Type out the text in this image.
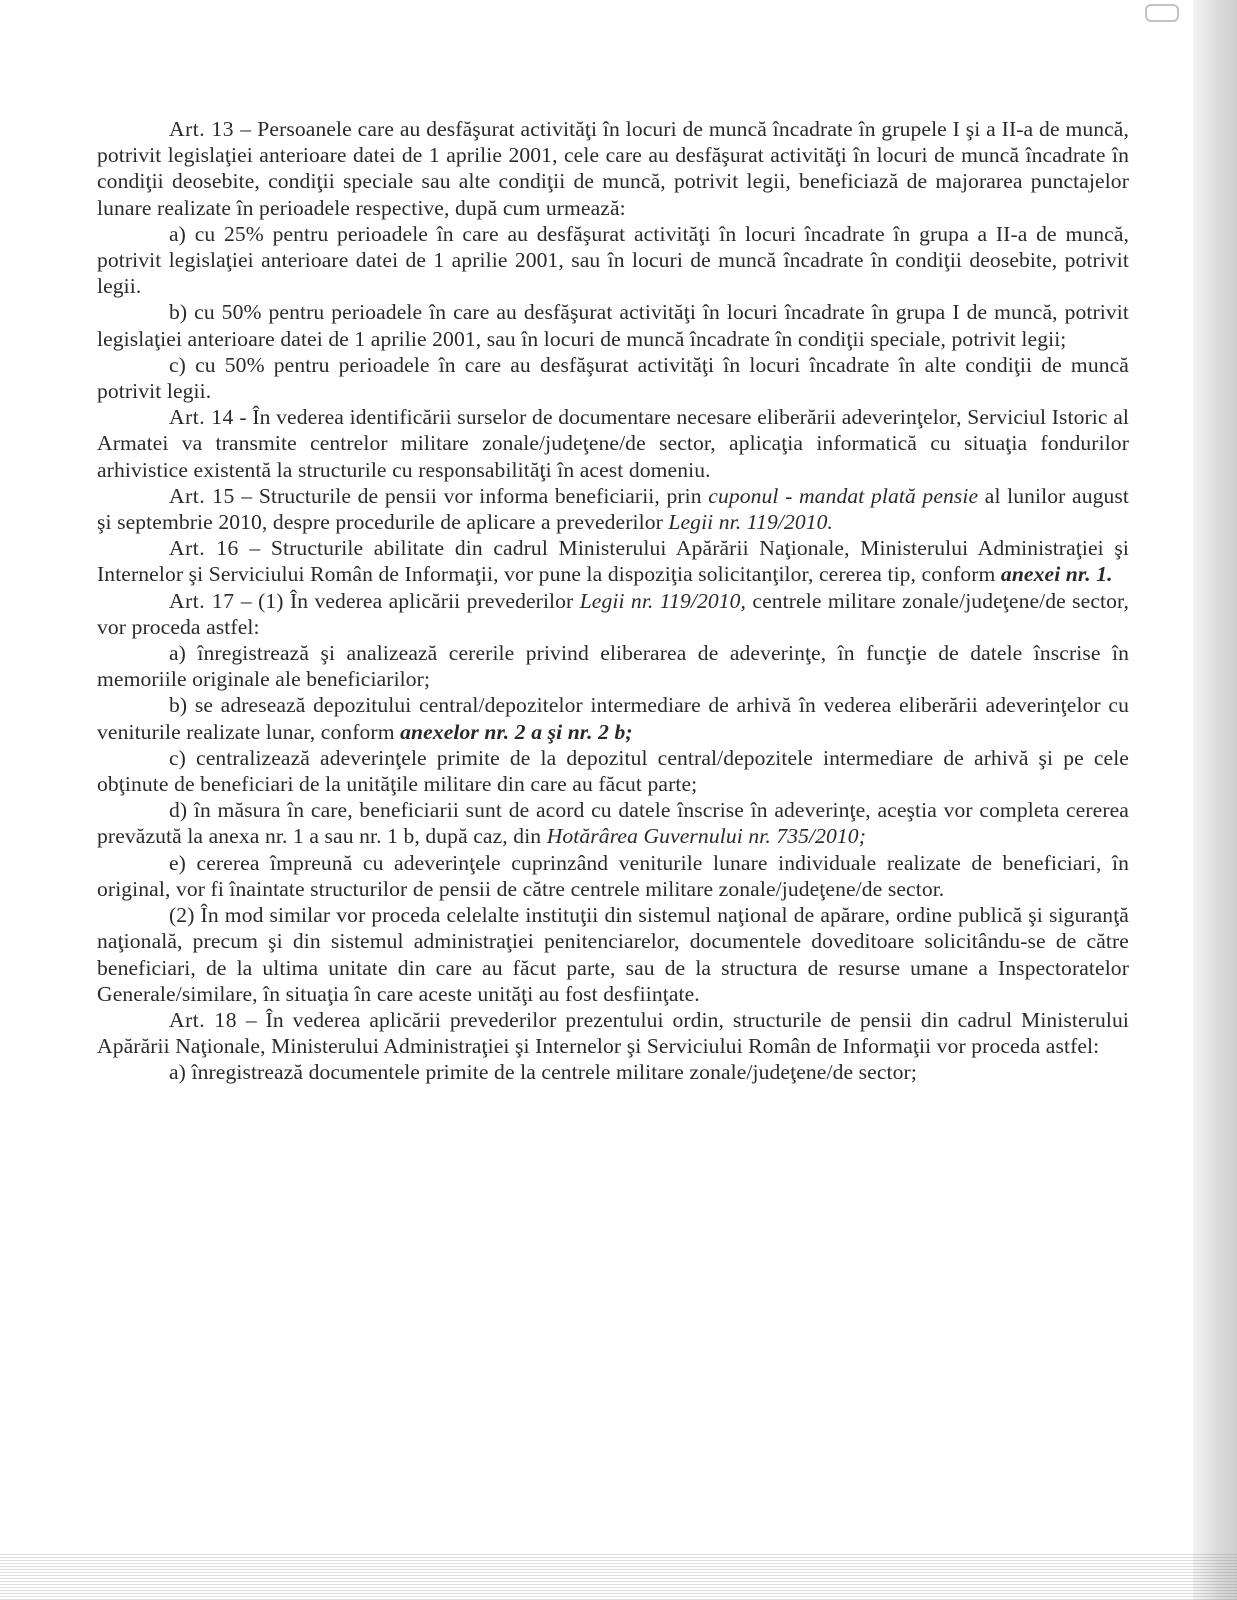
Art. 13 – Persoanele care au desfăşurat activităţi în locuri de muncă încadrate în grupele I şi a II-a de muncă, potrivit legislaţiei anterioare datei de 1 aprilie 2001, cele care au desfăşurat activităţi în locuri de muncă încadrate în condiţii deosebite, condiţii speciale sau alte condiţii de muncă, potrivit legii, beneficiază de majorarea punctajelor lunare realizate în perioadele respective, după cum urmează:

a) cu 25% pentru perioadele în care au desfăşurat activităţi în locuri încadrate în grupa a II-a de muncă, potrivit legislaţiei anterioare datei de 1 aprilie 2001, sau în locuri de muncă încadrate în condiţii deosebite, potrivit legii.

b) cu 50% pentru perioadele în care au desfăşurat activităţi în locuri încadrate în grupa I de muncă, potrivit legislaţiei anterioare datei de 1 aprilie 2001, sau în locuri de muncă încadrate în condiţii speciale, potrivit legii;

c) cu 50% pentru perioadele în care au desfăşurat activităţi în locuri încadrate în alte condiţii de muncă potrivit legii.

Art. 14 - În vederea identificării surselor de documentare necesare eliberării adeverinţelor, Serviciul Istoric al Armatei va transmite centrelor militare zonale/judeţene/de sector, aplicaţia informatică cu situaţia fondurilor arhivistice existentă la structurile cu responsabilităţi în acest domeniu.

Art. 15 – Structurile de pensii vor informa beneficiarii, prin cuponul - mandat plată pensie al lunilor august şi septembrie 2010, despre procedurile de aplicare a prevederilor Legii nr. 119/2010.

Art. 16 – Structurile abilitate din cadrul Ministerului Apărării Naţionale, Ministerului Administraţiei şi Internelor şi Serviciului Român de Informaţii, vor pune la dispoziţia solicitanţilor, cererea tip, conform anexei nr. 1.

Art. 17 – (1) În vederea aplicării prevederilor Legii nr. 119/2010, centrele militare zonale/judeţene/de sector, vor proceda astfel:

a) înregistrează şi analizează cererile privind eliberarea de adeverinţe, în funcţie de datele înscrise în memoriile originale ale beneficiarilor;

b) se adresează depozitului central/depozitelor intermediare de arhivă în vederea eliberării adeverinţelor cu veniturile realizate lunar, conform anexelor nr. 2 a şi nr. 2 b;

c) centralizează adeverinţele primite de la depozitul central/depozitele intermediare de arhivă şi pe cele obţinute de beneficiari de la unităţile militare din care au făcut parte;

d) în măsura în care, beneficiarii sunt de acord cu datele înscrise în adeverinţe, aceştia vor completa cererea prevăzută la anexa nr. 1 a sau nr. 1 b, după caz, din Hotărârea Guvernului nr. 735/2010;

e) cererea împreună cu adeverinţele cuprinzând veniturile lunare individuale realizate de beneficiari, în original, vor fi înaintate structurilor de pensii de către centrele militare zonale/judeţene/de sector.

(2) În mod similar vor proceda celelalte instituţii din sistemul naţional de apărare, ordine publică şi siguranţă naţională, precum şi din sistemul administraţiei penitenciarelor, documentele doveditoare solicitându-se de către beneficiari, de la ultima unitate din care au făcut parte, sau de la structura de resurse umane a Inspectoratelor Generale/similare, în situaţia în care aceste unităţi au fost desfiinţate.

Art. 18 – În vederea aplicării prevederilor prezentului ordin, structurile de pensii din cadrul Ministerului Apărării Naţionale, Ministerului Administraţiei şi Internelor şi Serviciului Român de Informaţii vor proceda astfel:

a) înregistrează documentele primite de la centrele militare zonale/judeţene/de sector;
